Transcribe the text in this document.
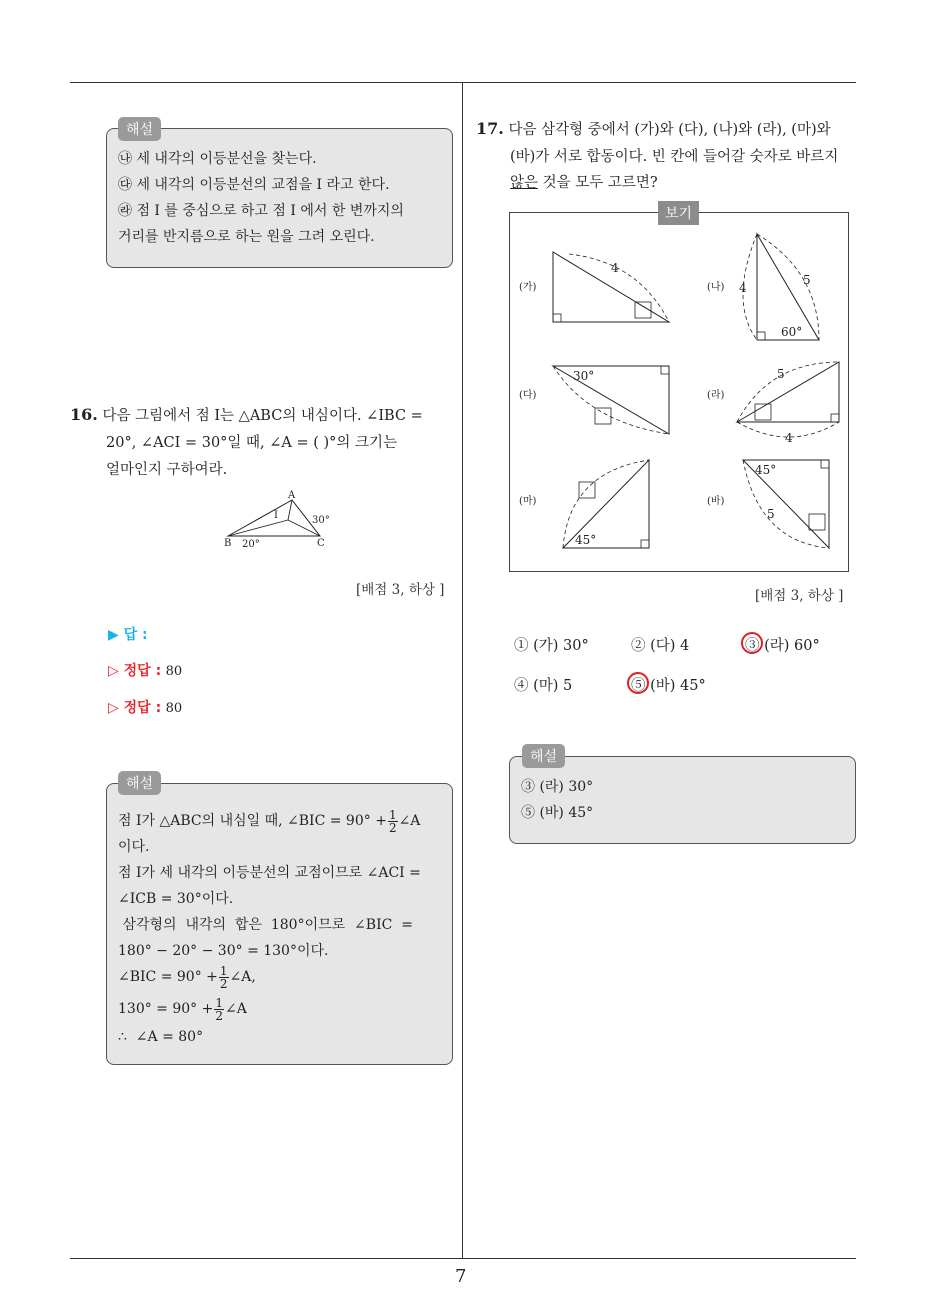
7
해설
㉯ 세 내각의 이등분선을 찾는다.
㉰ 세 내각의 이등분선의 교점을 I 라고 한다.
㉱ 점 I 를 중심으로 하고 점 I 에서 한 변까지의
거리를 반지름으로 하는 원을 그려 오린다.
16. 다음 그림에서 점 I는 △ABC의 내심이다. ∠IBC =
20°, ∠ACI = 30°일 때, ∠A = ( )°의 크기는
얼마인지 구하여라.
A
B	C
I
20°
30°
[배점 3, 하상 ]
▶ 답 :
▷ 정답 : 80
▷ 정답 : 80
해설
점 I가 △ABC의 내심일 때, ∠BIC = $90^\circ + \frac{1}{2}$ ∠A
이다.
점 I가 세 내각의 이등분선의 교점이므로 ∠ACI =
∠ICB = 30°이다.
삼각형의  내각의  합은  180°이므로  ∠BIC  =
180° − 20° − 30° = 130°이다.
∠BIC = $90^\circ + \frac{1}{2}$ ∠A,
$130^\circ = 90^\circ + \frac{1}{2}$ ∠A
∴  ∠A = 80°
17. 다음 삼각형 중에서 (가)와 (다), (나)와 (라), (마)와
(바)가 서로 합동이다. 빈 칸에 들어갈 숫자로 바르지
않은 것을 모두 고르면?
보기
(가)
4
(나) 4
5
60°
(다)
30°
(라)
5
4
(마)
45°
(바)
45°
5
[배점 3, 하상 ]
① (가) 30°	② (다) 4	③ (라) 60°
④ (마) 5	⑤ (바) 45°
해설
③ (라) 30°
⑤ (바) 45°
